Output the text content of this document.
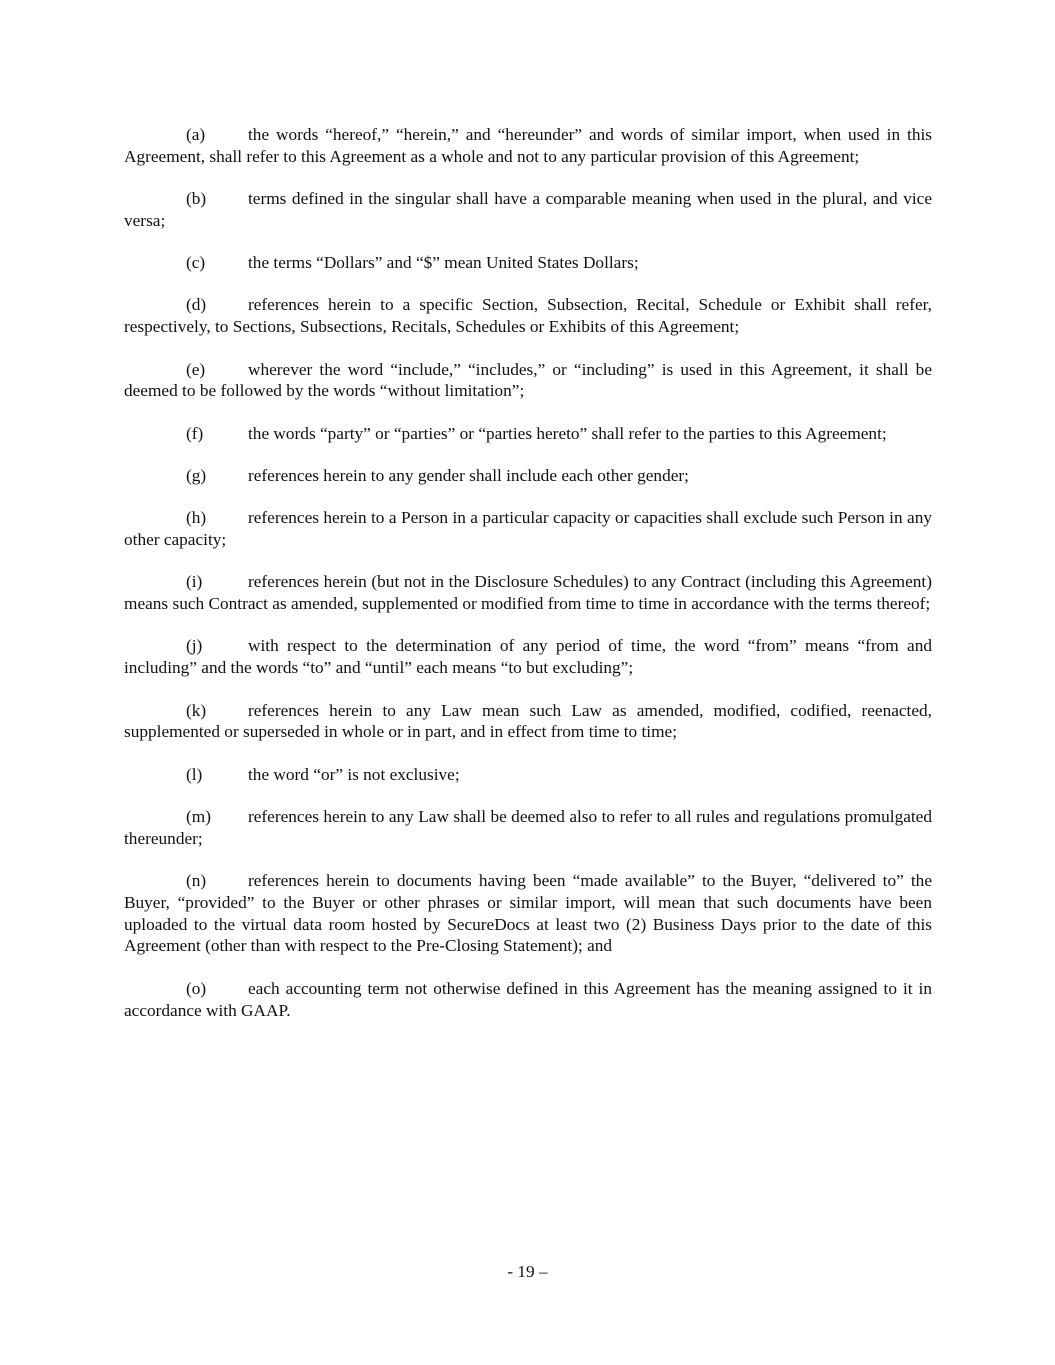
(a) the words “hereof,” “herein,” and “hereunder” and words of similar import, when used in this Agreement, shall refer to this Agreement as a whole and not to any particular provision of this Agreement;

(b) terms defined in the singular shall have a comparable meaning when used in the plural, and vice versa;

(c) the terms “Dollars” and “$” mean United States Dollars;

(d) references herein to a specific Section, Subsection, Recital, Schedule or Exhibit shall refer, respectively, to Sections, Subsections, Recitals, Schedules or Exhibits of this Agreement;

(e) wherever the word “include,” “includes,” or “including” is used in this Agreement, it shall be deemed to be followed by the words “without limitation”;

(f)	the words “party” or “parties” or “parties hereto” shall refer to the parties to this Agreement;

(g) references herein to any gender shall include each other gender;

(h) references herein to a Person in a particular capacity or capacities shall exclude such Person in any other capacity;

(i)	references herein (but not in the Disclosure Schedules) to any Contract (including this Agreement) means such Contract as amended, supplemented or modified from time to time in accordance with the terms thereof;

(j)	with respect to the determination of any period of time, the word “from” means “from and including” and the words “to” and “until” each means “to but excluding”;

(k) references herein to any Law mean such Law as amended, modified, codified, reenacted, supplemented or superseded in whole or in part, and in effect from time to time;

(l)	the word “or” is not exclusive;

(m) references herein to any Law shall be deemed also to refer to all rules and regulations promulgated thereunder;

(n) references herein to documents having been “made available” to the Buyer, “delivered to” the Buyer, “provided” to the Buyer or other phrases or similar import, will mean that such documents have been uploaded to the virtual data room hosted by SecureDocs at least two (2) Business Days prior to the date of this Agreement (other than with respect to the Pre-Closing Statement); and

(o) each accounting term not otherwise defined in this Agreement has the meaning assigned to it in accordance with GAAP.

- 19 –
